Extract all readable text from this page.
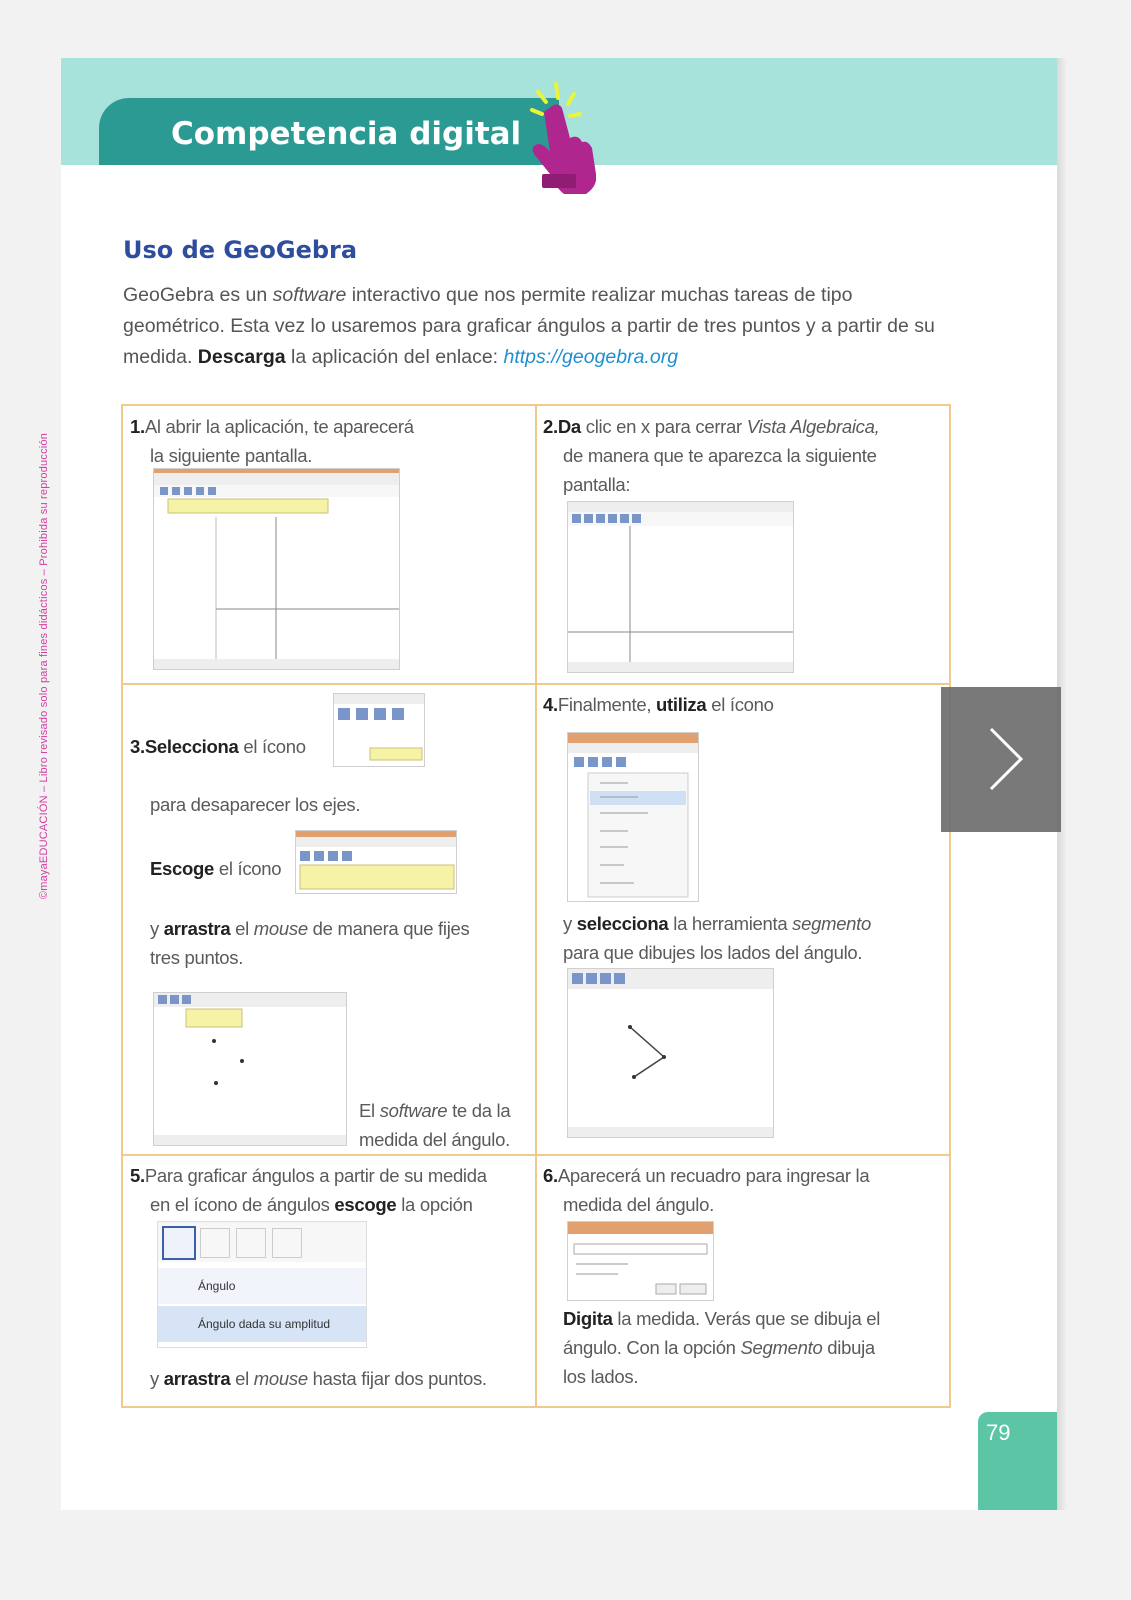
Competencia digital
Uso de GeoGebra
GeoGebra es un software interactivo que nos permite realizar muchas tareas de tipo geométrico. Esta vez lo usaremos para graficar ángulos a partir de tres puntos y a partir de su medida. Descarga la aplicación del enlace: https://geogebra.org
1.Al abrir la aplicación, te aparecerá
la siguiente pantalla.
2.Da clic en x para cerrar Vista Algebraica,
de manera que te aparezca la siguiente
pantalla:
3.Selecciona el ícono
para desaparecer los ejes.
Escoge el ícono
y arrastra el mouse de manera que fijes
tres puntos.
El software te da la
medida del ángulo.
4.Finalmente, utiliza el ícono
y selecciona la herramienta segmento
para que dibujes los lados del ángulo.
5.Para graficar ángulos a partir de su medida
en el ícono de ángulos escoge la opción
Ángulo
Ángulo dada su amplitud
y arrastra el mouse hasta fijar dos puntos.
6.Aparecerá un recuadro para ingresar la
medida del ángulo.
Digita la medida. Verás que se dibuja el
ángulo. Con la opción Segmento dibuja
los lados.
79
©mayaEDUCACIÓN – Libro revisado solo para fines didácticos – Prohibida su reproducción
